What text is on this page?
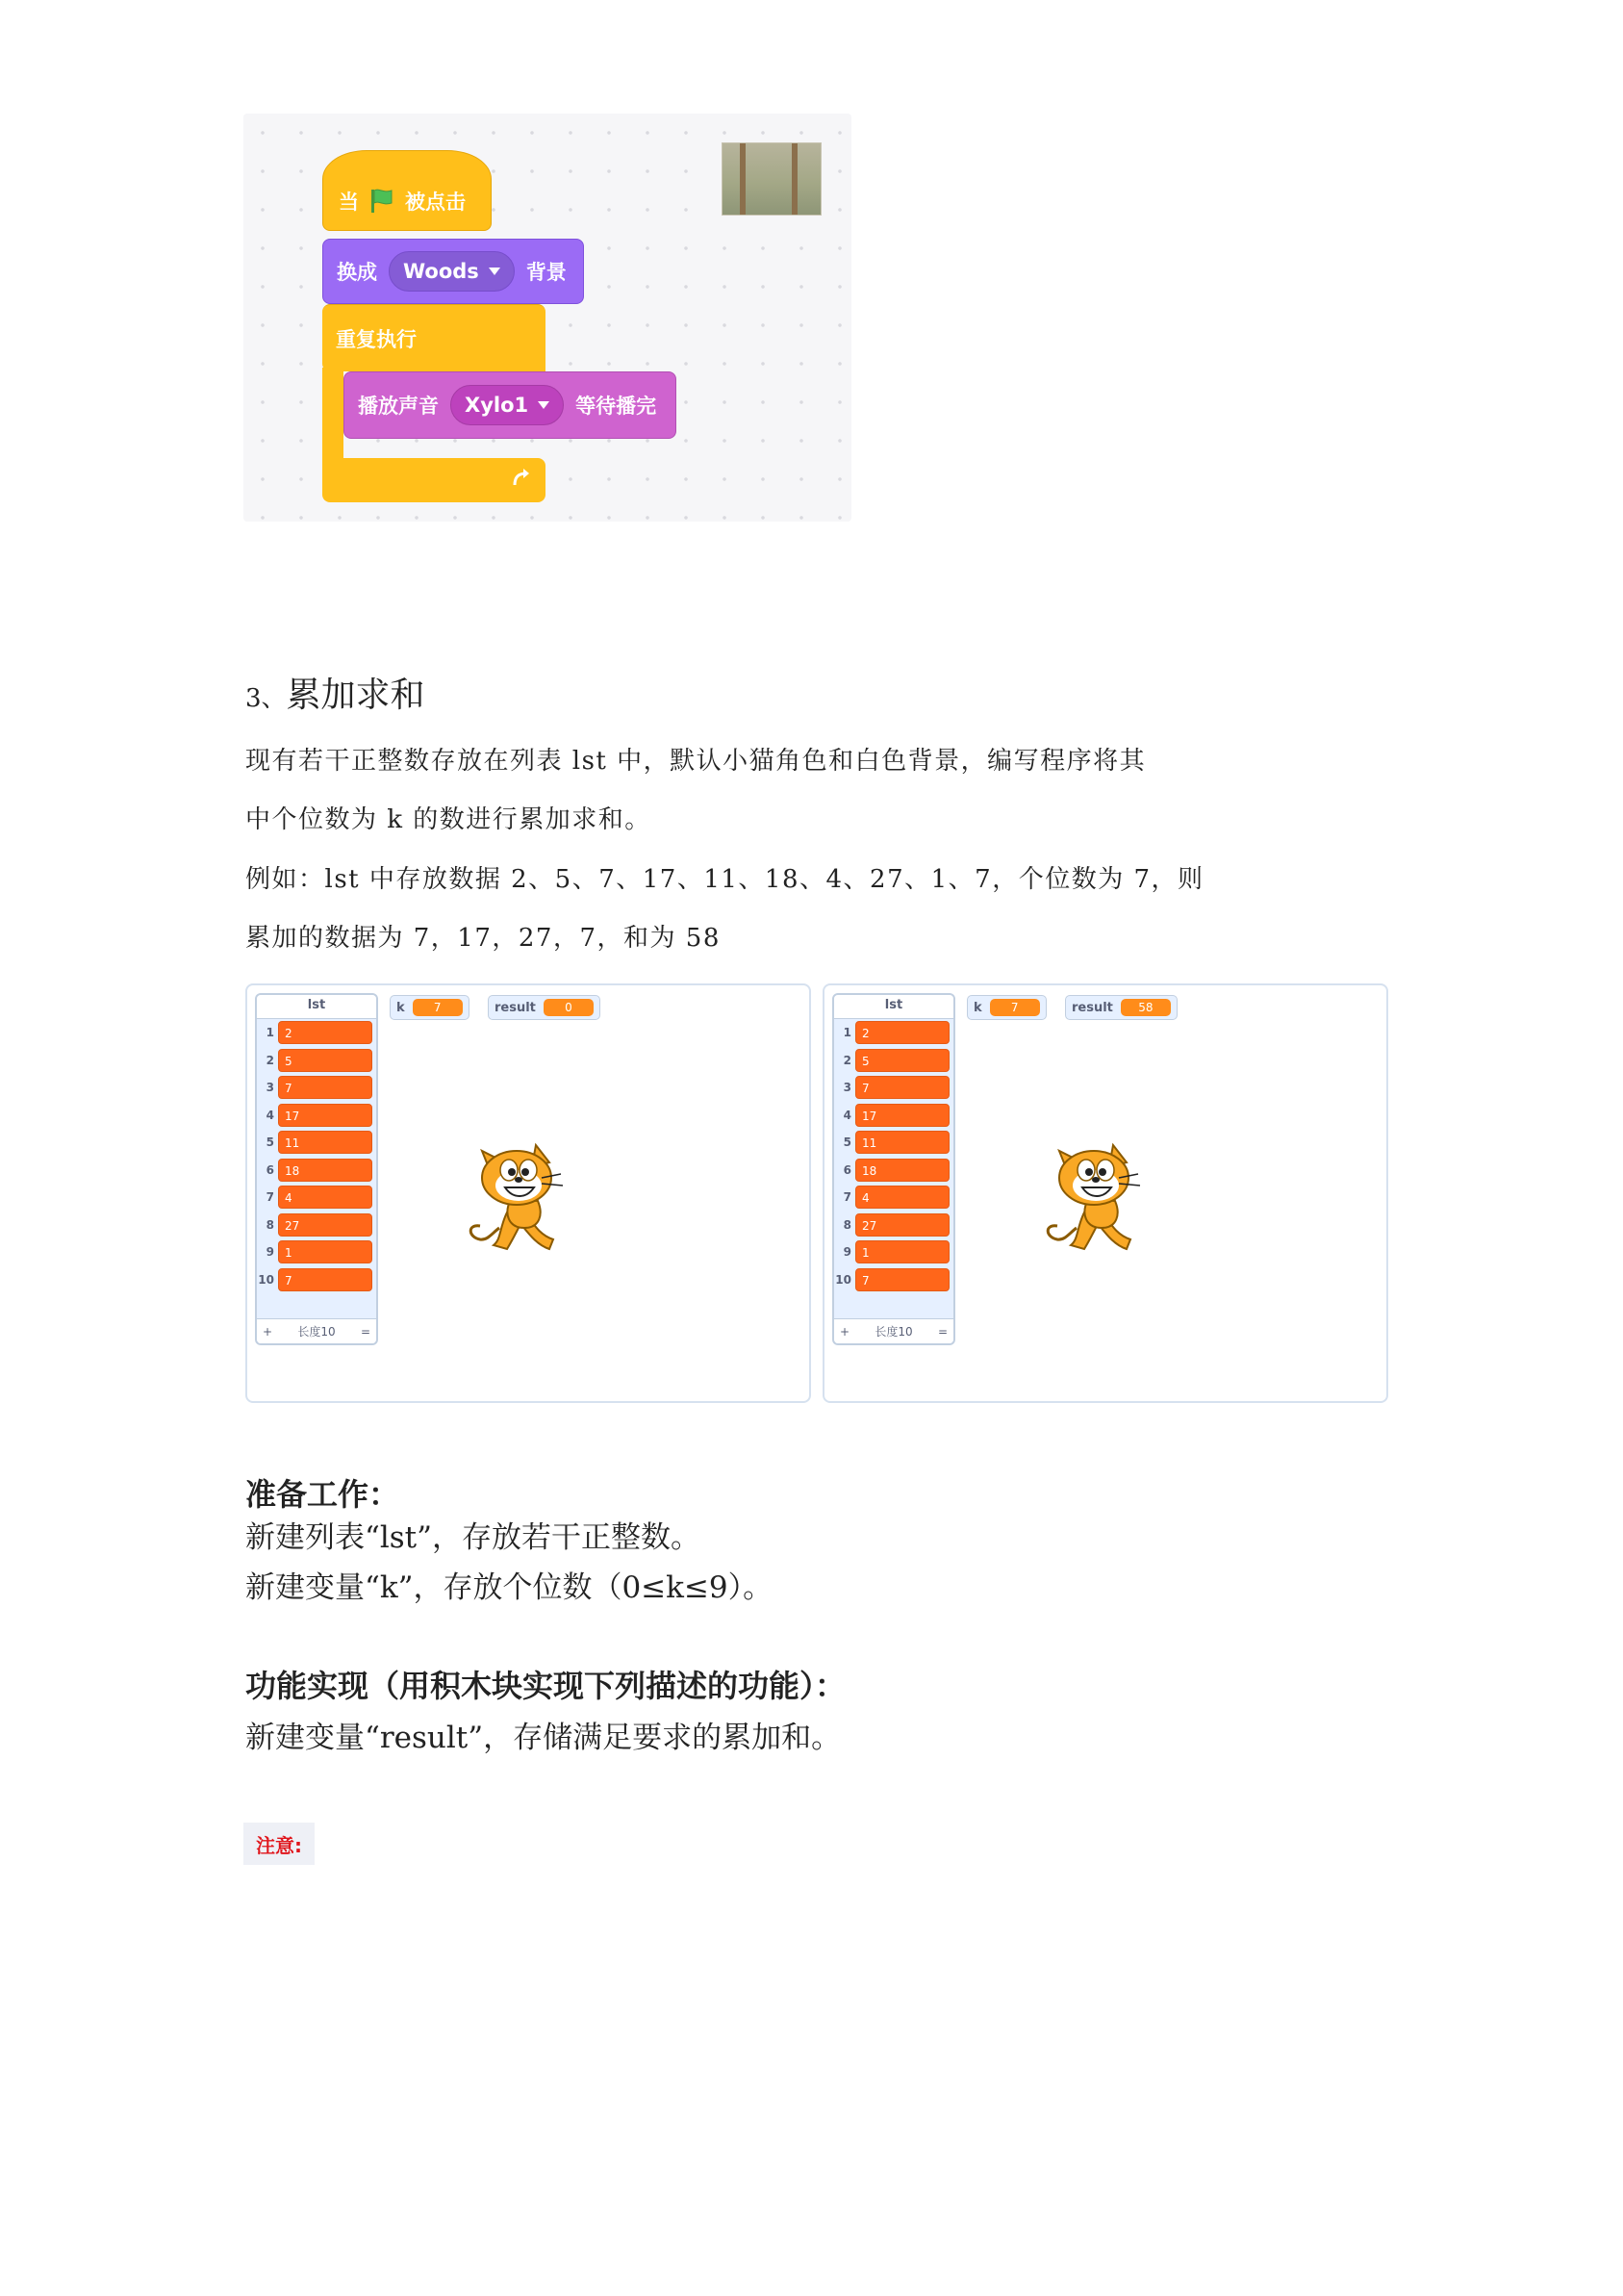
当 被点击
换成 Woods 背景
重复执行
播放声音 Xylo1 等待播完
3、累加求和
现有若干正整数存放在列表 lst 中，默认小猫角色和白色背景，编写程序将其
中个位数为 k 的数进行累加求和。
例如：lst 中存放数据 2、5、7、17、11、18、4、27、1、7，个位数为 7，则
累加的数据为 7，17，27，7，和为 58
lst
1 2
2 5
3 7
4 17
5 11
6 18
7 4
8 27
9 1
10 7
+ 长度10 =
k	7	result	0	lst
1 2
2 5
3 7
4 17
5 11
6 18
7 4
8 27
9 1
10 7
+ 长度10 =
k	7	result	58
准备工作：
新建列表“lst”，存放若干正整数。
新建变量“k”，存放个位数（0≤k≤9）。
功能实现（用积木块实现下列描述的功能）：
新建变量“result”，存储满足要求的累加和。
注意:
